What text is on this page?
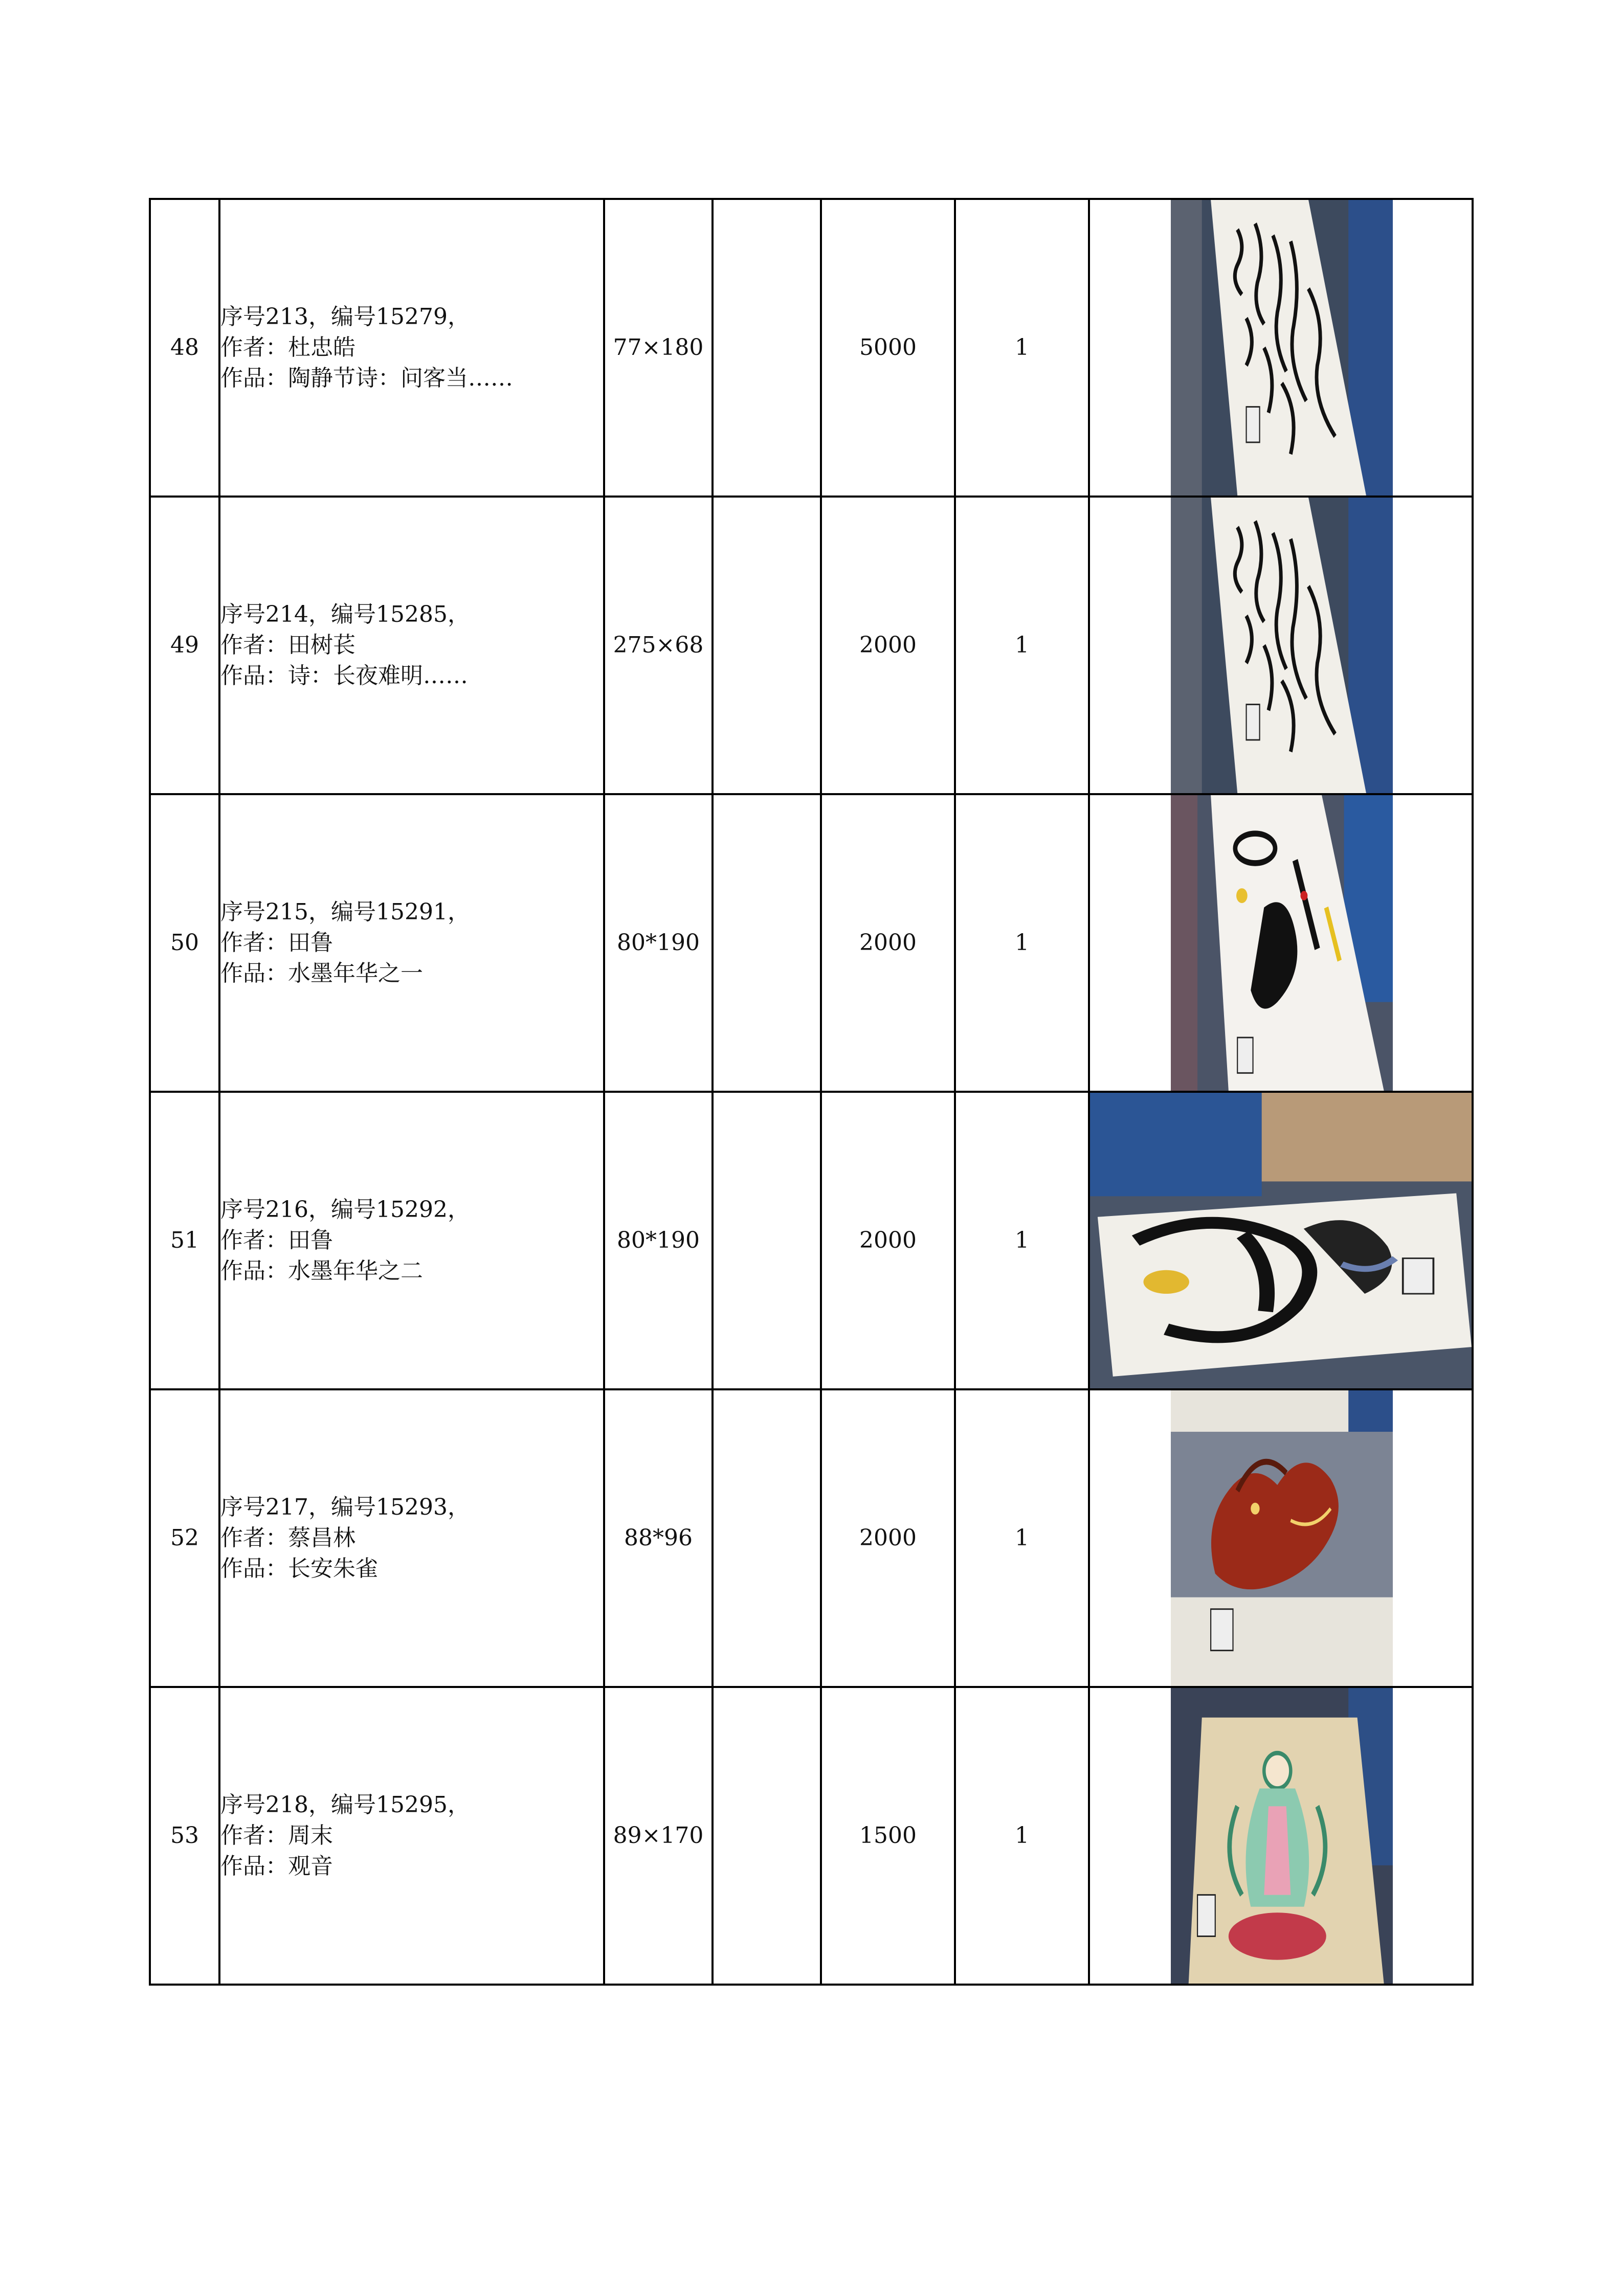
48	序号213，编号15279，
作者：杜忠皓
作品：陶静节诗：问客当……	77×180		5000	1	

49	序号214，编号15285，
作者：田树苌
作品：诗：长夜难明……	275×68		2000	1	

50	序号215，编号15291，
作者：田鲁
作品：水墨年华之一	80*190		2000	1	

51	序号216，编号15292，
作者：田鲁
作品：水墨年华之二	80*190		2000	1	

52	序号217，编号15293，
作者：蔡昌林
作品：长安朱雀	88*96		2000	1	

53	序号218，编号15295，
作者：周末
作品：观音	89×170		1500	1	
